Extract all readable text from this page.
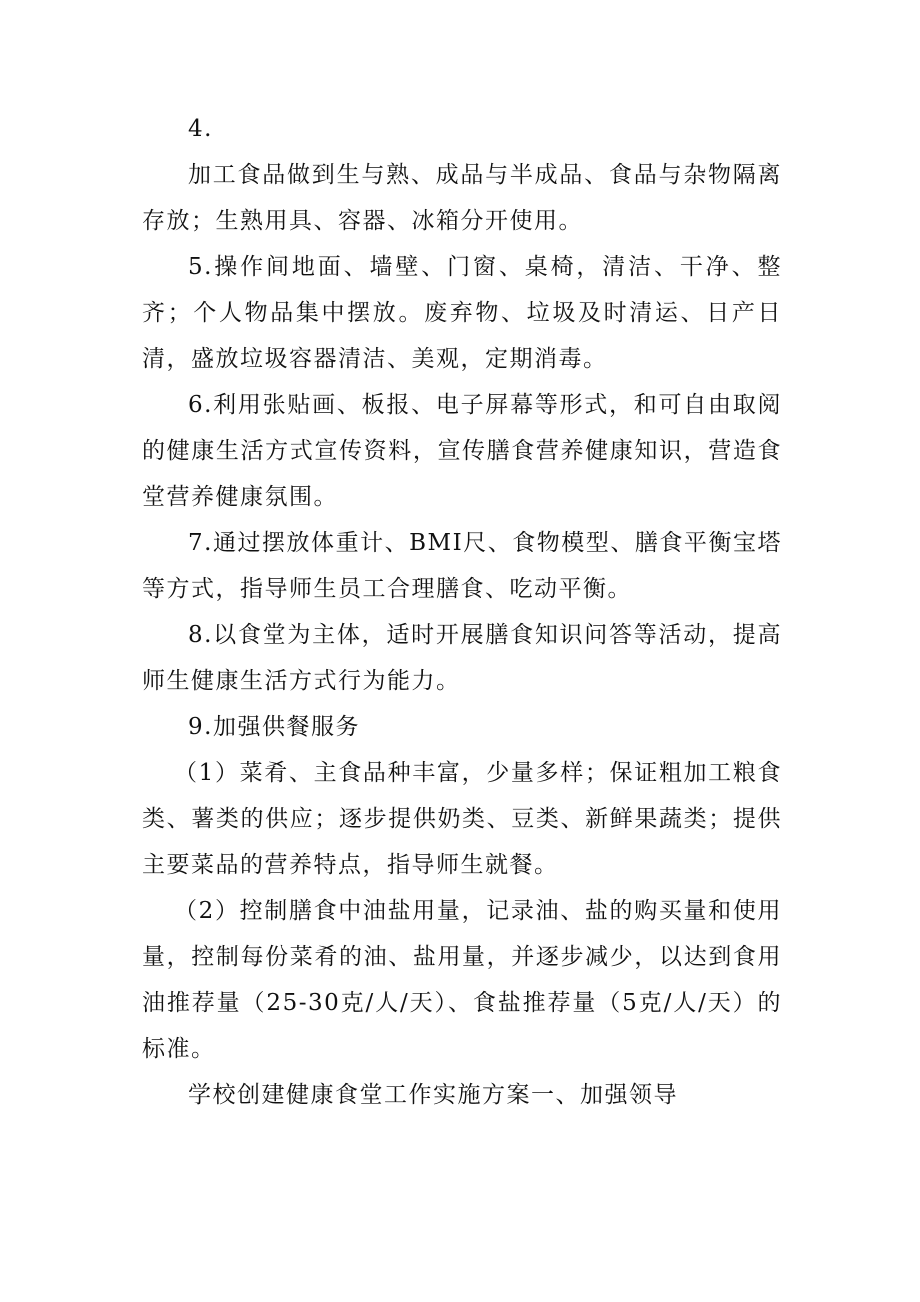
4.

加工食品做到生与熟、成品与半成品、食品与杂物隔离存放；生熟用具、容器、冰箱分开使用。

5.操作间地面、墙壁、门窗、桌椅，清洁、干净、整齐；个人物品集中摆放。废弃物、垃圾及时清运、日产日清，盛放垃圾容器清洁、美观，定期消毒。

6.利用张贴画、板报、电子屏幕等形式，和可自由取阅的健康生活方式宣传资料，宣传膳食营养健康知识，营造食堂营养健康氛围。

7.通过摆放体重计、BMI尺、食物模型、膳食平衡宝塔等方式，指导师生员工合理膳食、吃动平衡。

8.以食堂为主体，适时开展膳食知识问答等活动，提高师生健康生活方式行为能力。

9.加强供餐服务

（1）菜肴、主食品种丰富，少量多样；保证粗加工粮食类、薯类的供应；逐步提供奶类、豆类、新鲜果蔬类；提供主要菜品的营养特点，指导师生就餐。

（2）控制膳食中油盐用量，记录油、盐的购买量和使用量，控制每份菜肴的油、盐用量，并逐步减少，以达到食用油推荐量（25-30克/人/天）、食盐推荐量（5克/人/天）的标准。

学校创建健康食堂工作实施方案一、加强领导
